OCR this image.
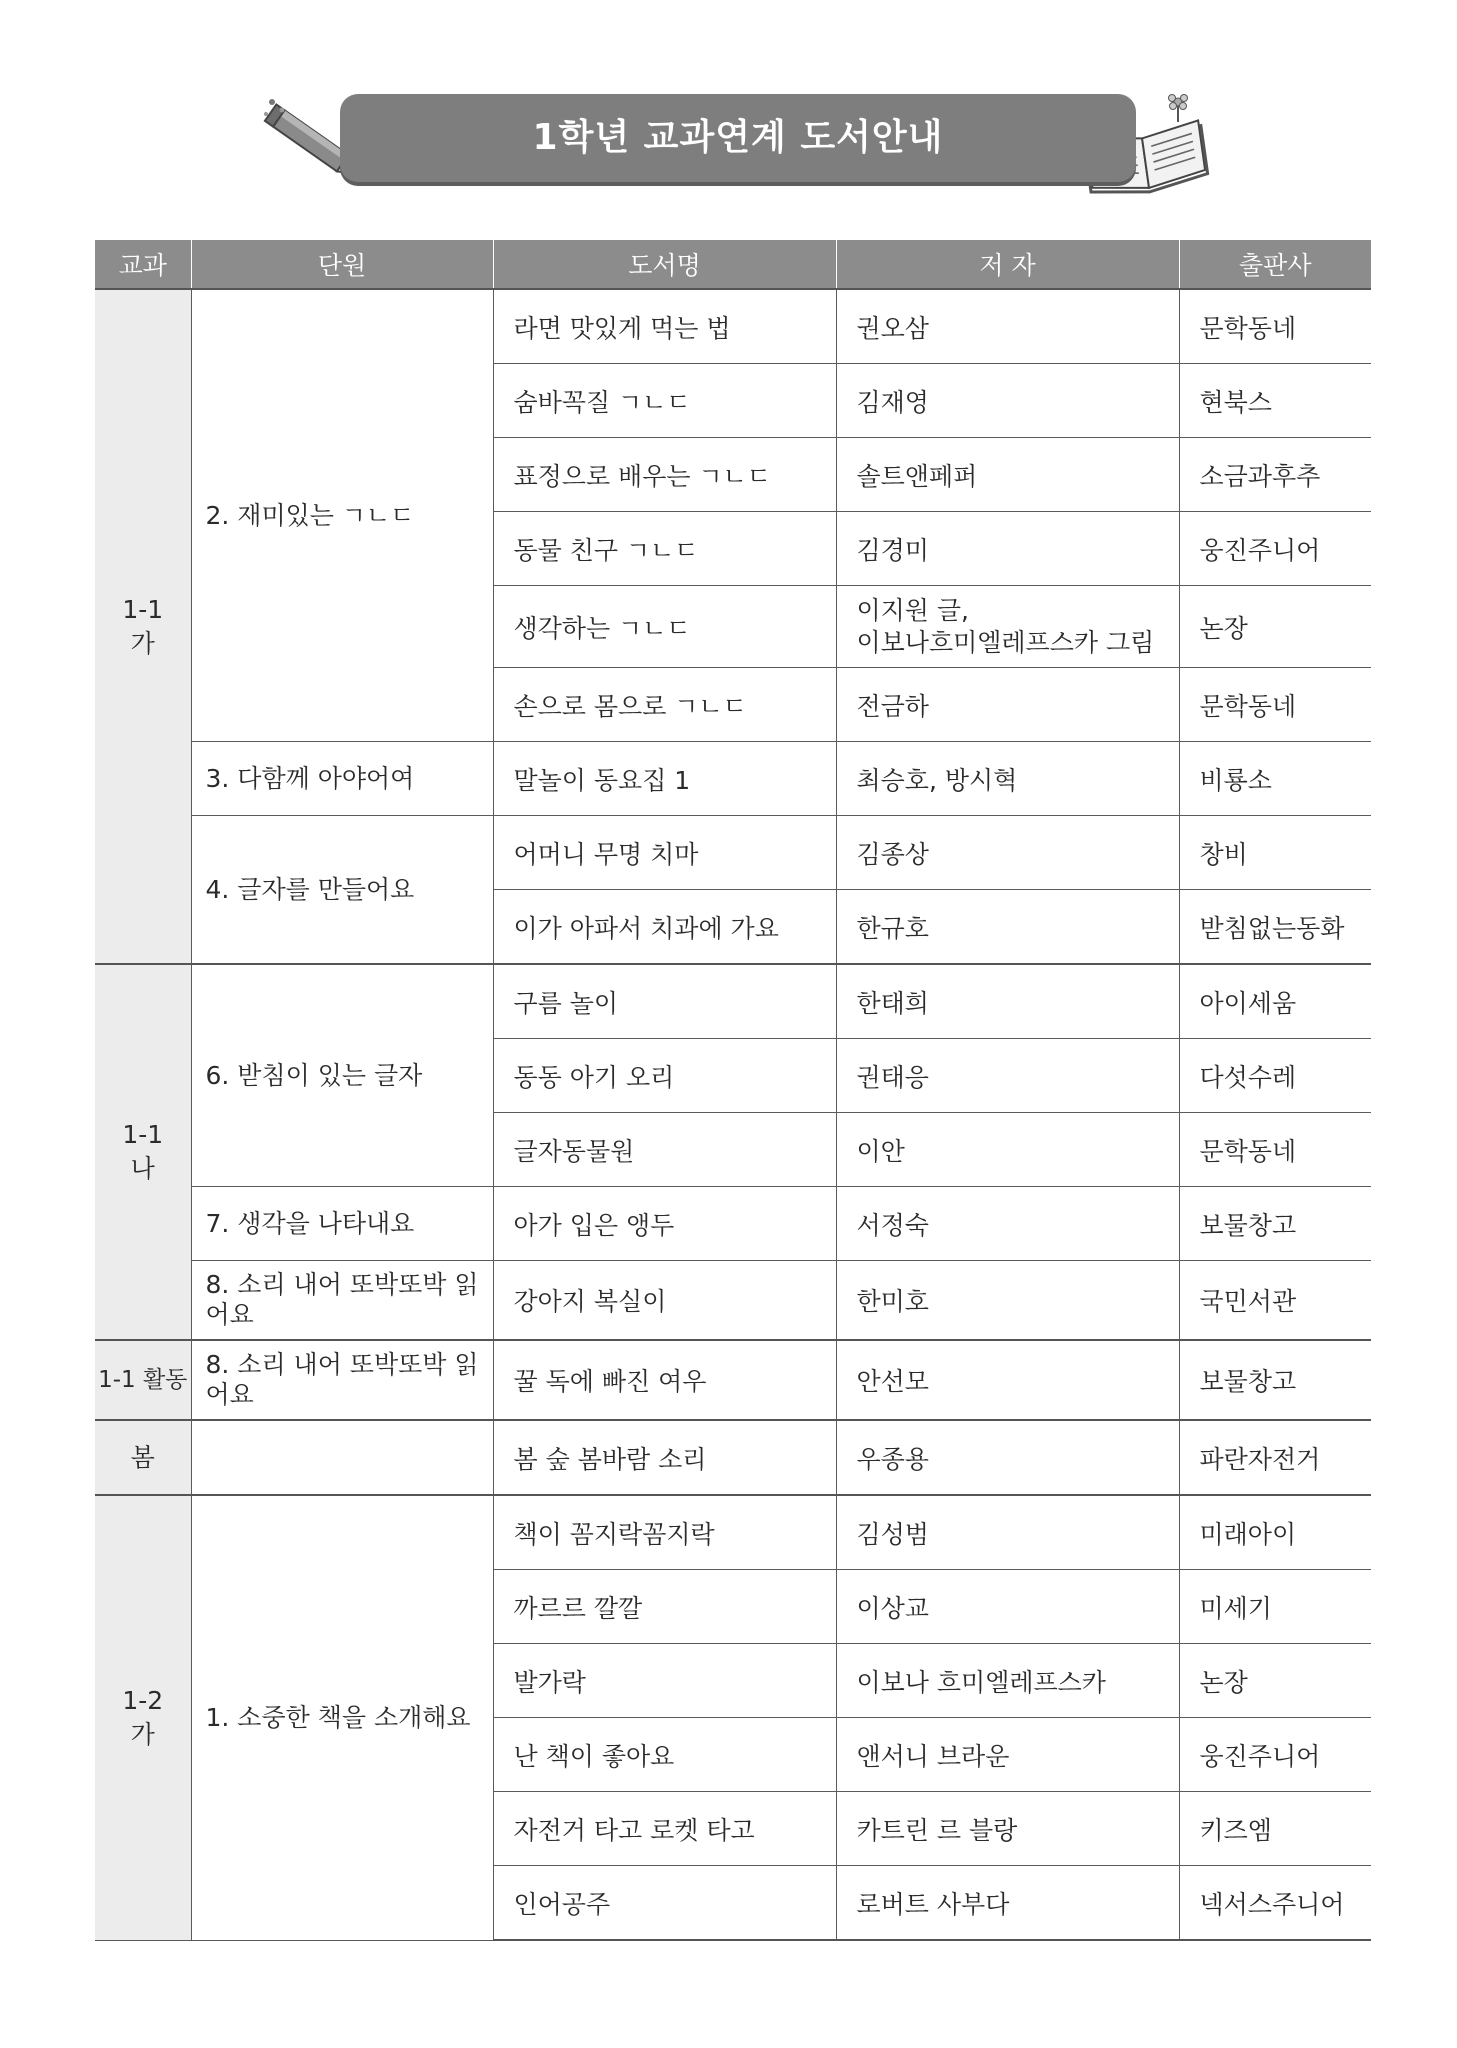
1학년 교과연계 도서안내
교과	단원	도서명	저 자	출판사
1-1
가	2. 재미있는 ㄱㄴㄷ	라면 맛있게 먹는 법	권오삼	문학동네
		숨바꼭질 ㄱㄴㄷ	김재영	현북스
		표정으로 배우는 ㄱㄴㄷ	솔트앤페퍼	소금과후추
		동물 친구 ㄱㄴㄷ	김경미	웅진주니어
		생각하는 ㄱㄴㄷ	이지원 글,
이보나흐미엘레프스카 그림	논장
		손으로 몸으로 ㄱㄴㄷ	전금하	문학동네
	3. 다함께 아야어여	말놀이 동요집 1	최승호, 방시혁	비룡소
	4. 글자를 만들어요	어머니 무명 치마	김종상	창비
		이가 아파서 치과에 가요	한규호	받침없는동화
1-1
나	6. 받침이 있는 글자	구름 놀이	한태희	아이세움
		동동 아기 오리	권태응	다섯수레
		글자동물원	이안	문학동네
	7. 생각을 나타내요	아가 입은 앵두	서정숙	보물창고
	8. 소리 내어 또박또박 읽어요	강아지 복실이	한미호	국민서관
1-1 활동	8. 소리 내어 또박또박 읽어요	꿀 독에 빠진 여우	안선모	보물창고
봄		봄 숲 봄바람 소리	우종용	파란자전거
1-2
가	1. 소중한 책을 소개해요	책이 꼼지락꼼지락	김성범	미래아이
		까르르 깔깔	이상교	미세기
		발가락	이보나 흐미엘레프스카	논장
		난 책이 좋아요	앤서니 브라운	웅진주니어
		자전거 타고 로켓 타고	카트린 르 블랑	키즈엠
		인어공주	로버트 사부다	넥서스주니어
